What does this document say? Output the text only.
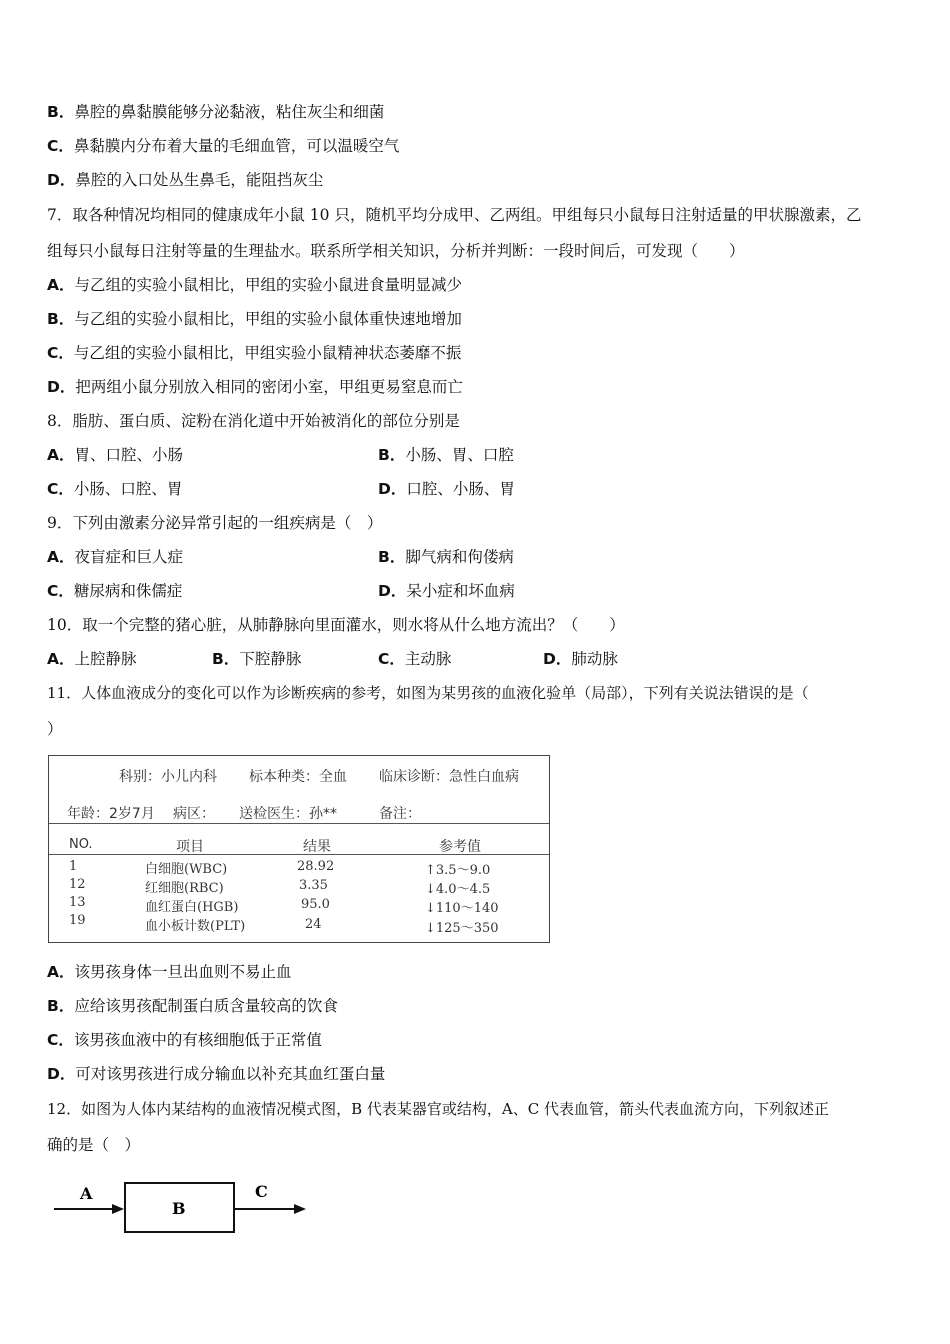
B．鼻腔的鼻黏膜能够分泌黏液，粘住灰尘和细菌
C．鼻黏膜内分布着大量的毛细血管，可以温暖空气
D．鼻腔的入口处丛生鼻毛，能阻挡灰尘
7．取各种情况均相同的健康成年小鼠 10 只，随机平均分成甲、乙两组。甲组每只小鼠每日注射适量的甲状腺激素，乙
组每只小鼠每日注射等量的生理盐水。联系所学相关知识，分析并判断：一段时间后，可发现（　　）
A．与乙组的实验小鼠相比，甲组的实验小鼠进食量明显减少
B．与乙组的实验小鼠相比，甲组的实验小鼠体重快速地增加
C．与乙组的实验小鼠相比，甲组实验小鼠精神状态萎靡不振
D．把两组小鼠分别放入相同的密闭小室，甲组更易窒息而亡
8．脂肪、蛋白质、淀粉在消化道中开始被消化的部位分别是
A．胃、口腔、小肠	B．小肠、胃、口腔
C．小肠、口腔、胃	D．口腔、小肠、胃
9．下列由激素分泌异常引起的一组疾病是（　）
A．夜盲症和巨人症	B．脚气病和佝偻病
C．糖尿病和侏儒症	D．呆小症和坏血病
10．取一个完整的猪心脏，从肺静脉向里面灌水，则水将从什么地方流出？（　　）
A．上腔静脉	B．下腔静脉	C．主动脉	D．肺动脉
11．人体血液成分的变化可以作为诊断疾病的参考，如图为某男孩的血液化验单（局部），下列有关说法错误的是（
）
科别：小儿内科 标本种类：全血 临床诊断：急性白血病
年龄：2岁7月 病区： 送检医生：孙**	备注：
NO.	项目	结果	参考值
1	白细胞(WBC)	28.92	↑3.5～9.0
12	红细胞(RBC)	3.35	↓4.0～4.5
13	血红蛋白(HGB)	95.0	↓110～140
19	血小板计数(PLT)	24	↓125～350
A．该男孩身体一旦出血则不易止血
B．应给该男孩配制蛋白质含量较高的饮食
C．该男孩血液中的有核细胞低于正常值
D．可对该男孩进行成分输血以补充其血红蛋白量
12．如图为人体内某结构的血液情况模式图，B 代表某器官或结构，A、C 代表血管，箭头代表血流方向，下列叙述正
确的是（　）
A
B
C
